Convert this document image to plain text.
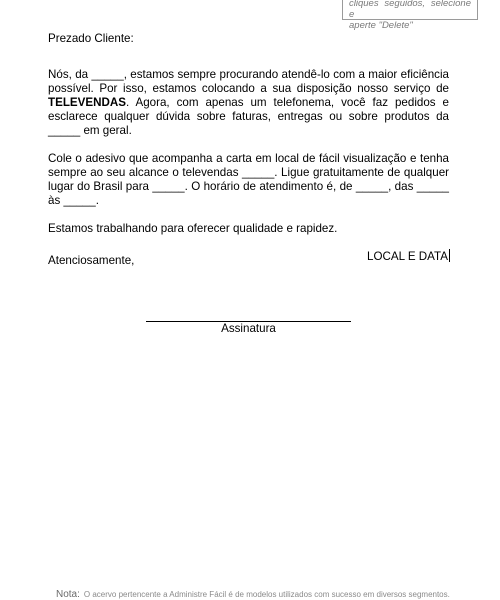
cliques seguidos, selecione e
aperte "Delete"

Prezado Cliente:

Nós, da _____, estamos sempre procurando atendê-lo com a maior eficiência possível. Por isso, estamos colocando a sua disposição nosso serviço de TELEVENDAS. Agora, com apenas um telefonema, você faz pedidos e esclarece qualquer dúvida sobre faturas, entregas ou sobre produtos da _____ em geral.

Cole o adesivo que acompanha a carta em local de fácil visualização e tenha sempre ao seu alcance o televendas _____. Ligue gratuitamente de qualquer lugar do Brasil para _____. O horário de atendimento é, de _____, das _____ às _____.

Estamos trabalhando para oferecer qualidade e rapidez.

Atenciosamente,	LOCAL E DATA
Assinatura
Nota: O acervo pertencente a Administre Fácil é de modelos utilizados com sucesso em diversos segmentos.
